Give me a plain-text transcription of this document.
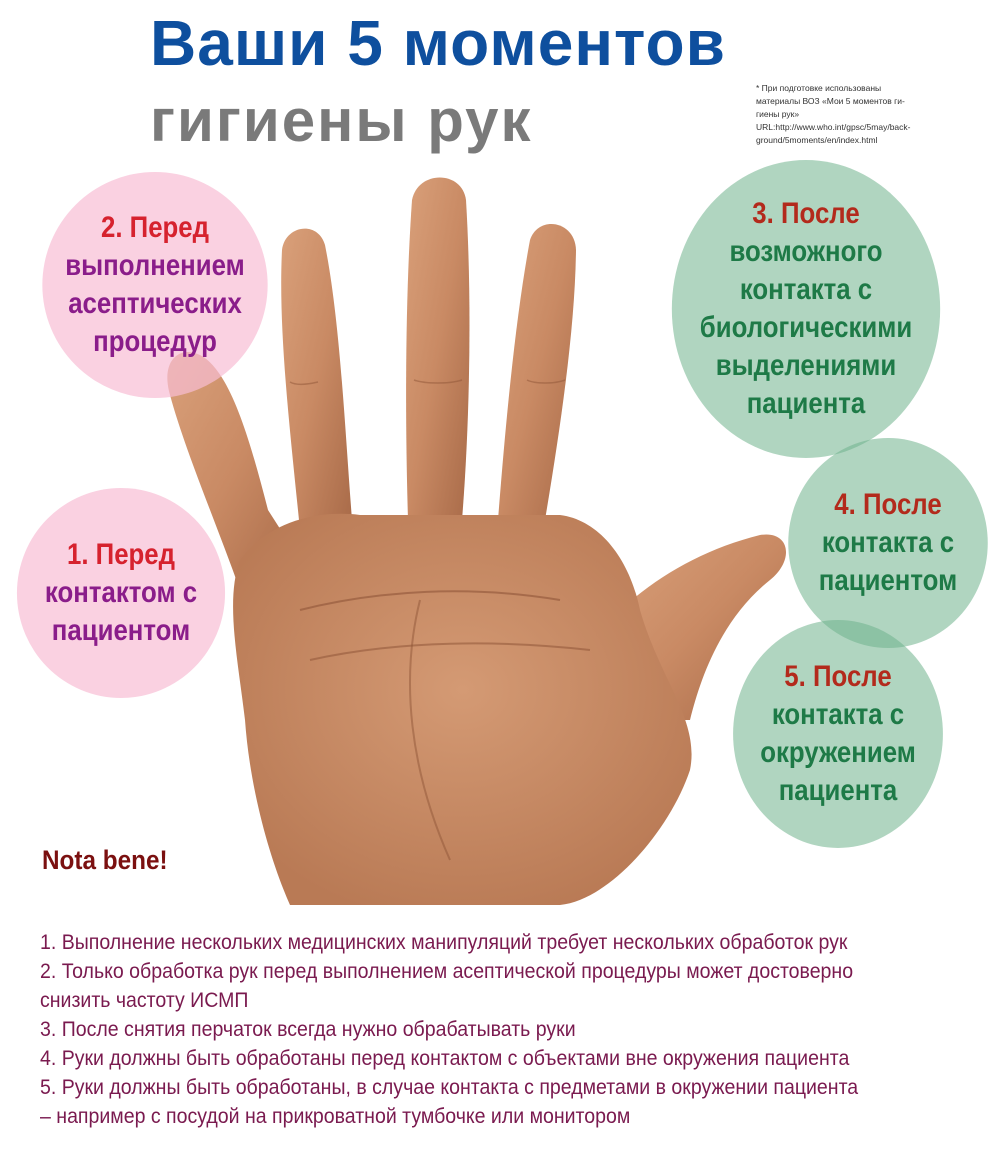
Ваши 5 моментов
гигиены рук	* При подготовке использованы
материалы ВОЗ «Мои 5 моментов ги-
гиены рук»
URL:http://www.who.int/gpsc/5may/back-
ground/5moments/en/index.html
2. Перед
выполнением
асептических
процедур
1. Перед
контактом с
пациентом
3. После
возможного
контакта с
биологическими
выделениями
пациента
4. После
контакта с
пациентом
5. После
контакта с
окружением
пациента
Nota bene!
1. Выполнение нескольких медицинских манипуляций требует нескольких обработок рук
2. Только обработка рук перед выполнением асептической процедуры может достоверно
снизить частоту ИСМП
3. После снятия перчаток всегда нужно обрабатывать руки
4. Руки должны быть обработаны перед контактом с объектами вне окружения пациента
5. Руки должны быть обработаны, в случае контакта с предметами в окружении пациента
– например с посудой на прикроватной тумбочке или монитором
